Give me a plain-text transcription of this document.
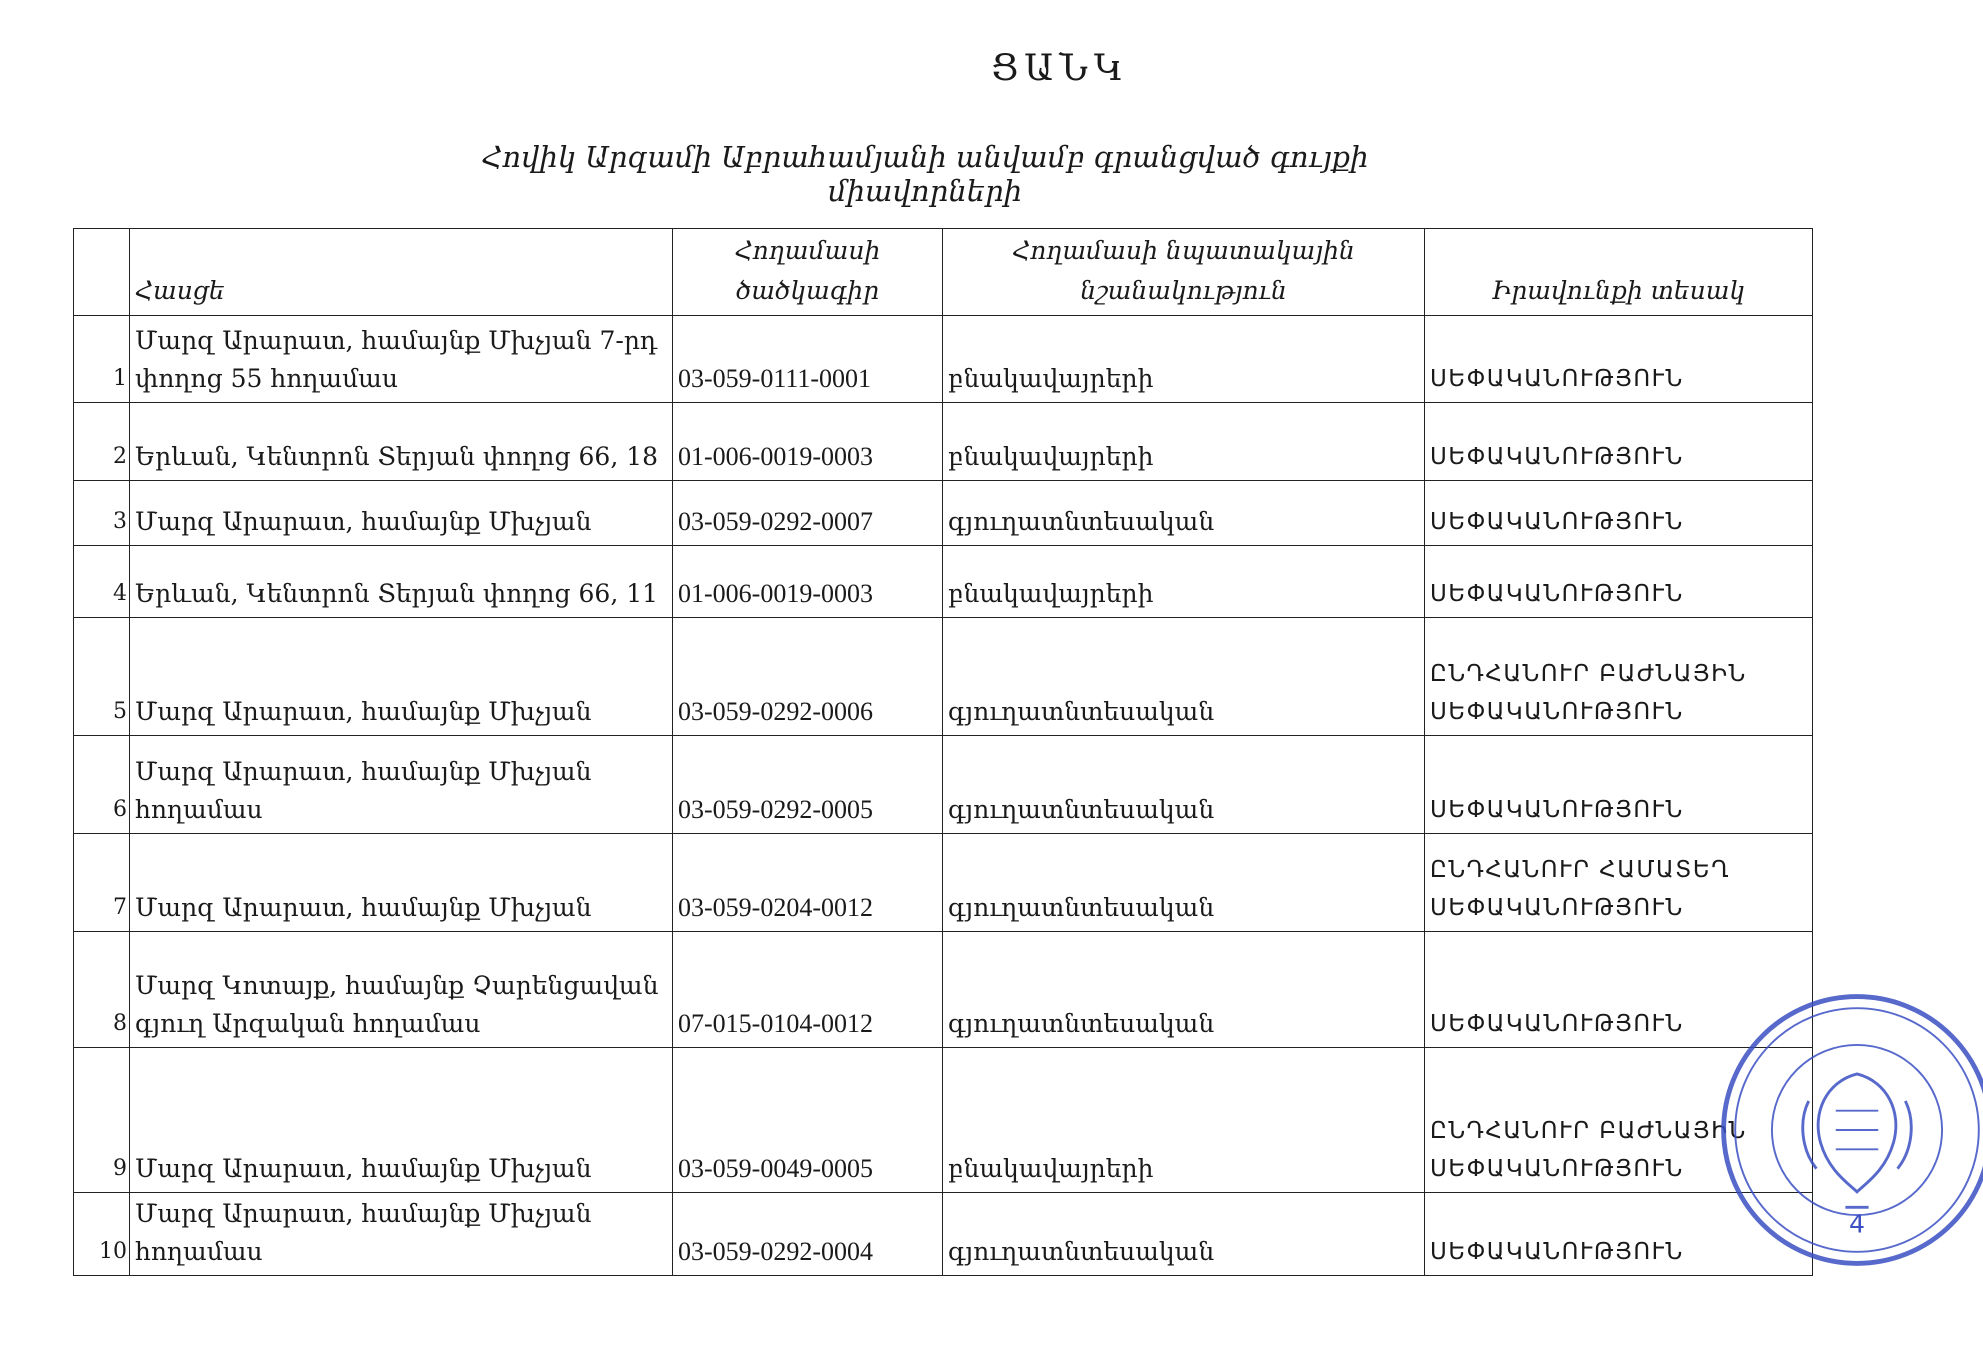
ՑԱՆԿ
Հովիկ Արզամի Աբրահամյանի անվամբ գրանցված գույքի միավորների
	Հասցե	Հողամասի ծածկագիր	Հողամասի նպատակային նշանակություն	Իրավունքի տեսակ
1	Մարզ Արարատ, համայնք Մխչյան 7-րդ փողոց 55 հողամաս	03-059-0111-0001	բնակավայրերի	ՍԵՓԱԿԱՆՈՒԹՅՈՒՆ
2	Երևան, Կենտրոն Տերյան փողոց 66, 18	01-006-0019-0003	բնակավայրերի	ՍԵՓԱԿԱՆՈՒԹՅՈՒՆ
3	Մարզ Արարատ, համայնք Մխչյան	03-059-0292-0007	գյուղատնտեսական	ՍԵՓԱԿԱՆՈՒԹՅՈՒՆ
4	Երևան, Կենտրոն Տերյան փողոց 66, 11	01-006-0019-0003	բնակավայրերի	ՍԵՓԱԿԱՆՈՒԹՅՈՒՆ
5	Մարզ Արարատ, համայնք Մխչյան	03-059-0292-0006	գյուղատնտեսական	ԸՆԴՀԱՆՈՒՐ ԲԱԺՆԱՅԻՆ ՍԵՓԱԿԱՆՈՒԹՅՈՒՆ
6	Մարզ Արարատ, համայնք Մխչյան հողամաս	03-059-0292-0005	գյուղատնտեսական	ՍԵՓԱԿԱՆՈՒԹՅՈՒՆ
7	Մարզ Արարատ, համայնք Մխչյան	03-059-0204-0012	գյուղատնտեսական	ԸՆԴՀԱՆՈՒՐ ՀԱՄԱՏԵՂ ՍԵՓԱԿԱՆՈՒԹՅՈՒՆ
8	Մարզ Կոտայք, համայնք Չարենցավան գյուղ Արզական հողամաս	07-015-0104-0012	գյուղատնտեսական	ՍԵՓԱԿԱՆՈՒԹՅՈՒՆ
9	Մարզ Արարատ, համայնք Մխչյան	03-059-0049-0005	բնակավայրերի	ԸՆԴՀԱՆՈՒՐ ԲԱԺՆԱՅԻՆ ՍԵՓԱԿԱՆՈՒԹՅՈՒՆ
10	Մարզ Արարատ, համայնք Մխչյան հողամաս	03-059-0292-0004	գյուղատնտեսական	ՍԵՓԱԿԱՆՈՒԹՅՈՒՆ
4
